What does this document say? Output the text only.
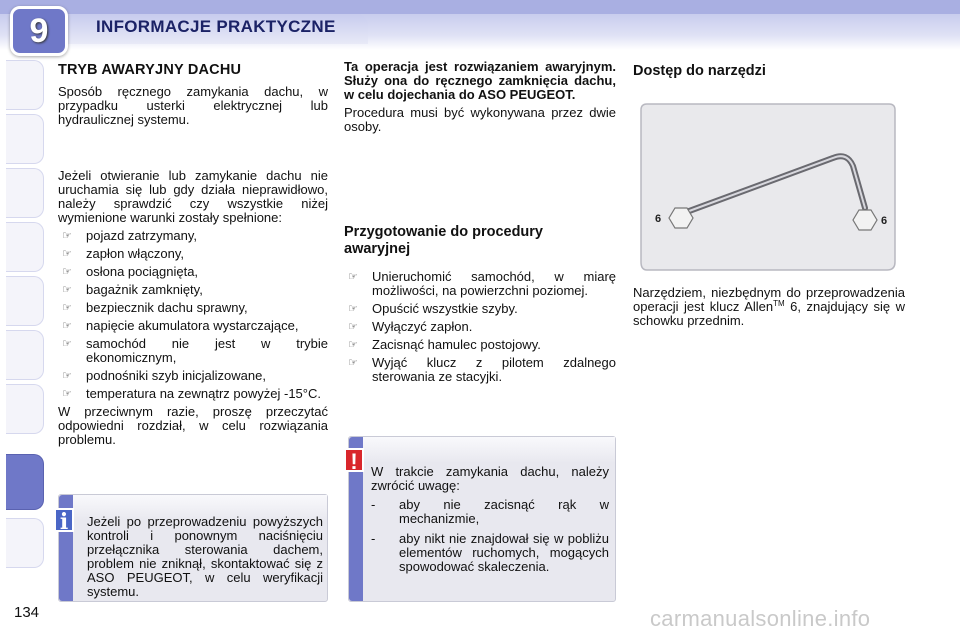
9	INFORMACJE PRAKTYCZNE
TRYB AWARYJNY DACHU

Sposób ręcznego zamykania dachu, w przypadku usterki elektrycznej lub hydraulicznej systemu.

Jeżeli otwieranie lub zamykanie dachu nie uruchamia się lub gdy działa nieprawidłowo, należy sprawdzić czy wszystkie niżej wymienione warunki zostały spełnione:

☞ pojazd zatrzymany,
☞ zapłon włączony,
☞ osłona pociągnięta,
☞ bagażnik zamknięty,
☞ bezpiecznik dachu sprawny,
☞ napięcie akumulatora wystarczające,
☞ samochód nie jest w trybie ekonomicznym,
☞ podnośniki szyb inicjalizowane,
☞ temperatura na zewnątrz powyżej -15°C.

W przeciwnym razie, proszę przeczytać odpowiedni rozdział, w celu rozwiązania problemu.

Jeżeli po przeprowadzeniu powyższych kontroli i ponownym naciśnięciu przełącznika sterowania dachem, problem nie zniknął, skontaktować się z ASO PEUGEOT, w celu weryfikacji systemu.
i

Ta operacja jest rozwiązaniem awaryjnym. Służy ona do ręcznego zamknięcia dachu, w celu dojechania do ASO PEUGEOT.

Procedura musi być wykonywana przez dwie osoby.

Przygotowanie do procedury awaryjnej
☞ Unieruchomić samochód, w miarę możliwości, na powierzchni poziomej.
☞ Opuścić wszystkie szyby.
☞ Wyłączyć zapłon.
☞ Zacisnąć hamulec postojowy.
☞ Wyjąć klucz z pilotem zdalnego sterowania ze stacyjki.

W trakcie zamykania dachu, należy zwrócić uwagę:

- aby nie zacisnąć rąk w mechanizmie,
- aby nikt nie znajdował się w pobliżu elementów ruchomych, mogących spowodować skaleczenia.
!
Dostęp do narzędzi
6	6
Narzędziem, niezbędnym do przeprowadzenia operacji jest klucz Allen™ 6, znajdujący się w schowku przednim.
134	carmanualsonline.info
